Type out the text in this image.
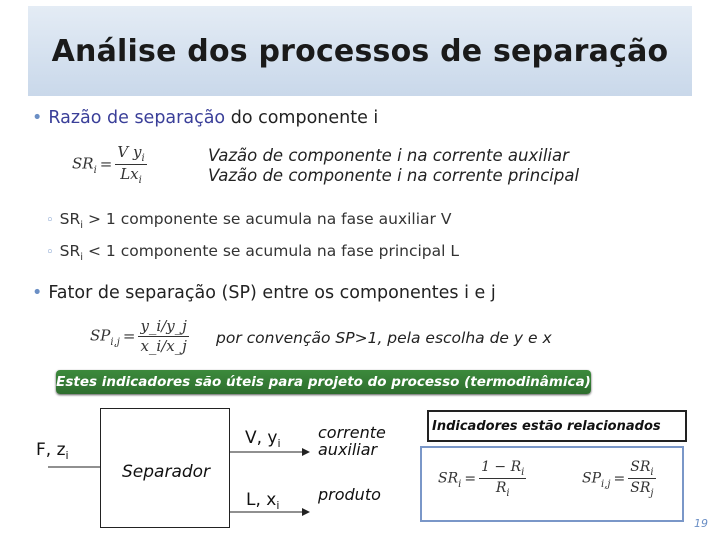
Análise dos processos de separação
• Razão de separação do componente i
$SR_i = \frac{V y_i}{Lx_i}$	Vazão de componente i na corrente auxiliar
Vazão de componente i na corrente principal
◦ $SR_i > 1$ componente se acumula na fase auxiliar V
◦ $SR_i < 1$ componente se acumula na fase principal L
• Fator de separação (SP) entre os componentes i e j
$SP_{i,j} = \frac{y\_i/y\_j}{x\_i/x\_j}$ por convenção SP>1, pela escolha de y e x
Estes indicadores são úteis para projeto do processo (termodinâmica)
Separador
F, $z_i$
V, $y_i$
L, $x_i$
corrente
auxiliar
produto
Indicadores estão relacionados
$SR_i = \frac{1 - R_i}{R_i}$	$SP_{i,j} = \frac{SR_i}{SR_j}$
19
